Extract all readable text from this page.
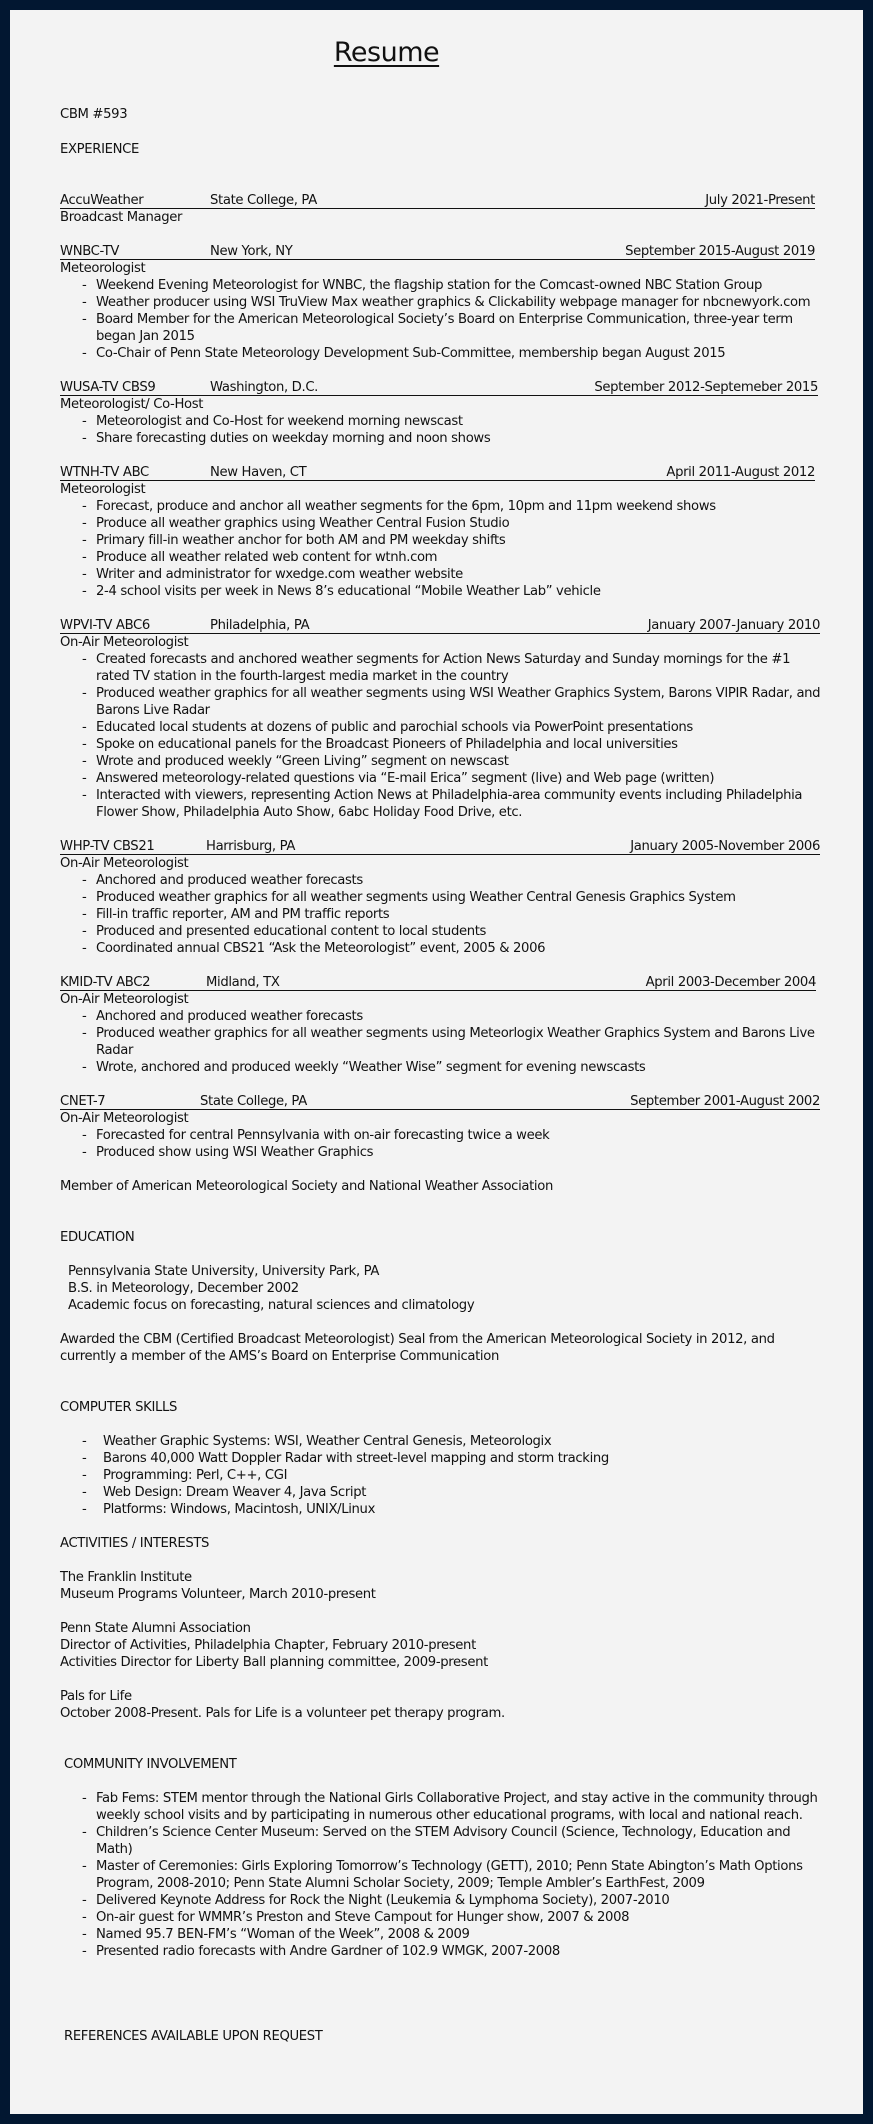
Resume

CBM #593

EXPERIENCE

AccuWeather	State College, PA	July 2021-Present
Broadcast Manager
WNBC-TV	New York, NY	September 2015-August 2019
Meteorologist
- Weekend Evening Meteorologist for WNBC, the flagship station for the Comcast-owned NBC Station Group
- Weather producer using WSI TruView Max weather graphics & Clickability webpage manager for nbcnewyork.com
- Board Member for the American Meteorological Society’s Board on Enterprise Communication, three-year term began Jan 2015
- Co-Chair of Penn State Meteorology Development Sub-Committee, membership began August 2015
WUSA-TV CBS9	Washington, D.C.	September 2012-Septemeber 2015
Meteorologist/ Co-Host
- Meteorologist and Co-Host for weekend morning newscast
- Share forecasting duties on weekday morning and noon shows
WTNH-TV ABC	New Haven, CT	April 2011-August 2012
Meteorologist
- Forecast, produce and anchor all weather segments for the 6pm, 10pm and 11pm weekend shows
- Produce all weather graphics using Weather Central Fusion Studio
- Primary fill-in weather anchor for both AM and PM weekday shifts
- Produce all weather related web content for wtnh.com
- Writer and administrator for wxedge.com weather website
- 2-4 school visits per week in News 8’s educational “Mobile Weather Lab” vehicle
WPVI-TV ABC6	Philadelphia, PA	January 2007-January 2010
On-Air Meteorologist
- Created forecasts and anchored weather segments for Action News Saturday and Sunday mornings for the #1 rated TV station in the fourth-largest media market in the country
- Produced weather graphics for all weather segments using WSI Weather Graphics System, Barons VIPIR Radar, and Barons Live Radar
- Educated local students at dozens of public and parochial schools via PowerPoint presentations
- Spoke on educational panels for the Broadcast Pioneers of Philadelphia and local universities
- Wrote and produced weekly “Green Living” segment on newscast
- Answered meteorology-related questions via “E-mail Erica” segment (live) and Web page (written)
- Interacted with viewers, representing Action News at Philadelphia-area community events including Philadelphia Flower Show, Philadelphia Auto Show, 6abc Holiday Food Drive, etc.
WHP-TV CBS21	Harrisburg, PA	January 2005-November 2006
On-Air Meteorologist
- Anchored and produced weather forecasts
- Produced weather graphics for all weather segments using Weather Central Genesis Graphics System
- Fill-in traffic reporter, AM and PM traffic reports
- Produced and presented educational content to local students
- Coordinated annual CBS21 “Ask the Meteorologist” event, 2005 & 2006
KMID-TV ABC2	Midland, TX	April 2003-December 2004
On-Air Meteorologist
- Anchored and produced weather forecasts
- Produced weather graphics for all weather segments using Meteorlogix Weather Graphics System and Barons Live Radar
- Wrote, anchored and produced weekly “Weather Wise” segment for evening newscasts
CNET-7	State College, PA	September 2001-August 2002
On-Air Meteorologist
- Forecasted for central Pennsylvania with on-air forecasting twice a week
- Produced show using WSI Weather Graphics

Member of American Meteorological Society and National Weather Association

EDUCATION

Pennsylvania State University, University Park, PA
B.S. in Meteorology, December 2002
Academic focus on forecasting, natural sciences and climatology

Awarded the CBM (Certified Broadcast Meteorologist) Seal from the American Meteorological Society in 2012, and currently a member of the AMS’s Board on Enterprise Communication

COMPUTER SKILLS

- Weather Graphic Systems: WSI, Weather Central Genesis, Meteorologix
- Barons 40,000 Watt Doppler Radar with street-level mapping and storm tracking
- Programming: Perl, C++, CGI
- Web Design: Dream Weaver 4, Java Script
- Platforms: Windows, Macintosh, UNIX/Linux

ACTIVITIES / INTERESTS

The Franklin Institute
Museum Programs Volunteer, March 2010-present
Penn State Alumni Association
Director of Activities, Philadelphia Chapter, February 2010-present
Activities Director for Liberty Ball planning committee, 2009-present
Pals for Life
October 2008-Present. Pals for Life is a volunteer pet therapy program.

COMMUNITY INVOLVEMENT

- Fab Fems: STEM mentor through the National Girls Collaborative Project, and stay active in the community through weekly school visits and by participating in numerous other educational programs, with local and national reach.
- Children’s Science Center Museum: Served on the STEM Advisory Council (Science, Technology, Education and Math)
- Master of Ceremonies: Girls Exploring Tomorrow’s Technology (GETT), 2010; Penn State Abington’s Math Options Program, 2008-2010; Penn State Alumni Scholar Society, 2009; Temple Ambler’s EarthFest, 2009
- Delivered Keynote Address for Rock the Night (Leukemia & Lymphoma Society), 2007-2010
- On-air guest for WMMR’s Preston and Steve Campout for Hunger show, 2007 & 2008
- Named 95.7 BEN-FM’s “Woman of the Week”, 2008 & 2009
- Presented radio forecasts with Andre Gardner of 102.9 WMGK, 2007-2008

REFERENCES AVAILABLE UPON REQUEST
